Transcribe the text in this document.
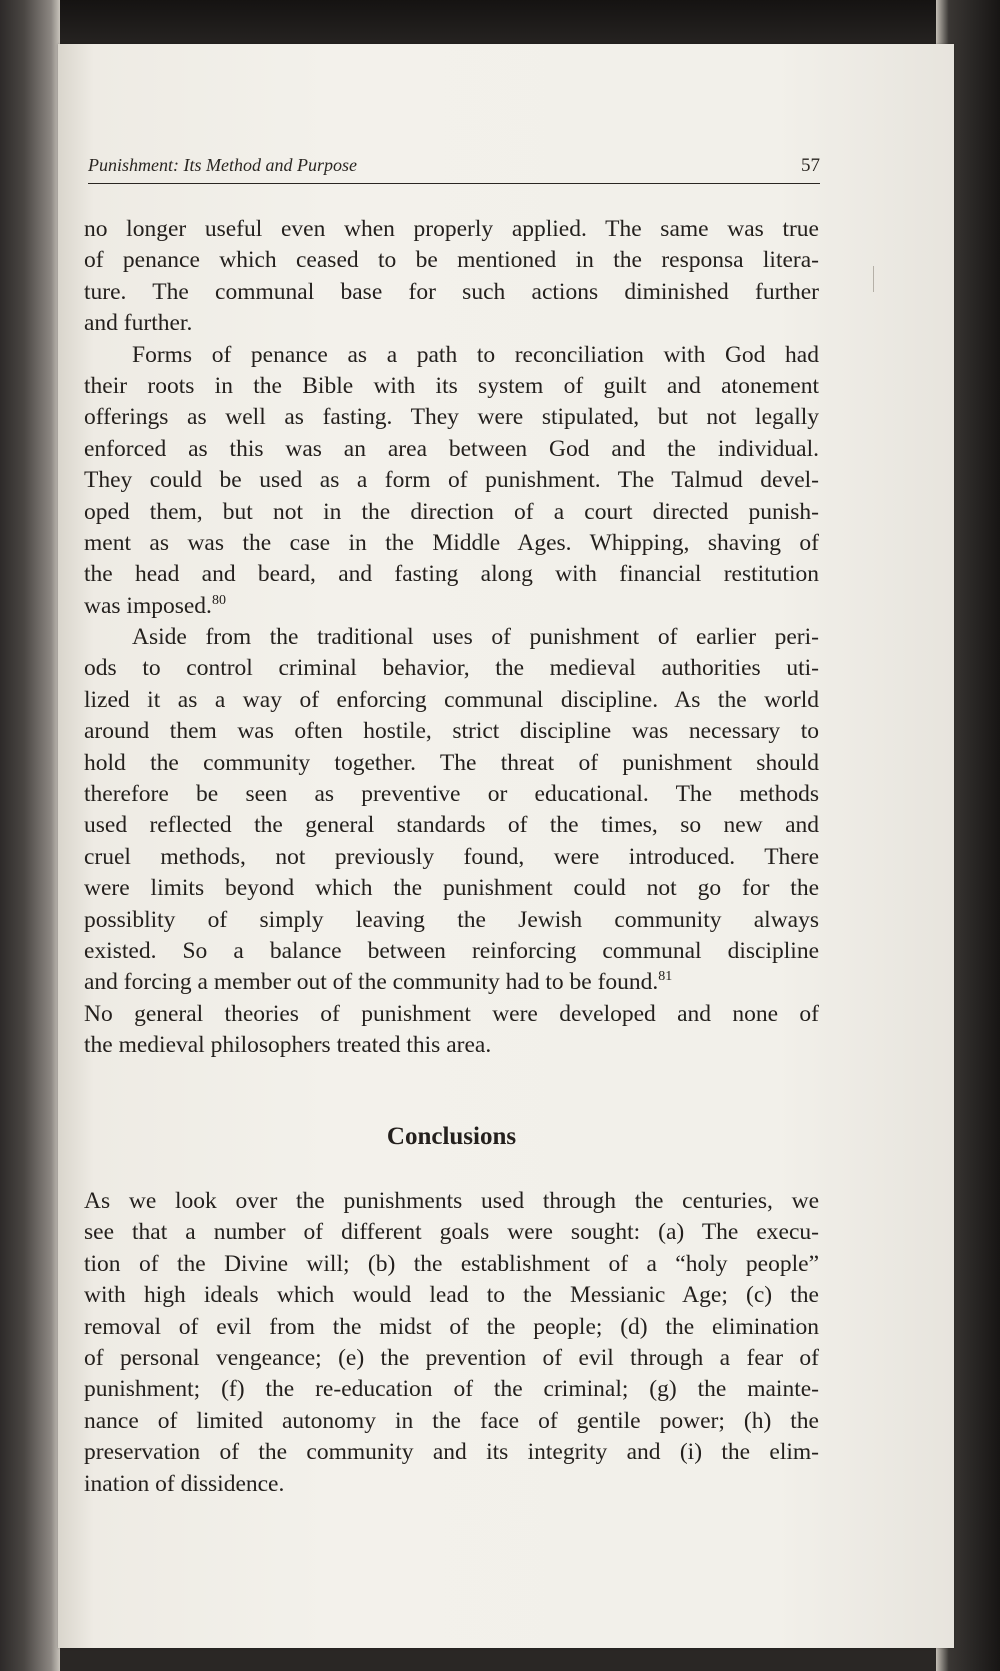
Punishment: Its Method and Purpose	57
no longer useful even when properly applied. The same was true
of penance which ceased to be mentioned in the responsa litera-
ture. The communal base for such actions diminished further
and further.
Forms of penance as a path to reconciliation with God had
their roots in the Bible with its system of guilt and atonement
offerings as well as fasting. They were stipulated, but not legally
enforced as this was an area between God and the individual.
They could be used as a form of punishment. The Talmud devel-
oped them, but not in the direction of a court directed punish-
ment as was the case in the Middle Ages. Whipping, shaving of
the head and beard, and fasting along with financial restitution
was imposed.$^{80}$
Aside from the traditional uses of punishment of earlier peri-
ods to control criminal behavior, the medieval authorities uti-
lized it as a way of enforcing communal discipline. As the world
around them was often hostile, strict discipline was necessary to
hold the community together. The threat of punishment should
therefore be seen as preventive or educational. The methods
used reflected the general standards of the times, so new and
cruel methods, not previously found, were introduced. There
were limits beyond which the punishment could not go for the
possiblity of simply leaving the Jewish community always
existed. So a balance between reinforcing communal discipline
and forcing a member out of the community had to be found.$^{81}$
No general theories of punishment were developed and none of
the medieval philosophers treated this area.
Conclusions
As we look over the punishments used through the centuries, we
see that a number of different goals were sought: (a) The execu-
tion of the Divine will; (b) the establishment of a “holy people”
with high ideals which would lead to the Messianic Age; (c) the
removal of evil from the midst of the people; (d) the elimination
of personal vengeance; (e) the prevention of evil through a fear of
punishment; (f) the re-education of the criminal; (g) the mainte-
nance of limited autonomy in the face of gentile power; (h) the
preservation of the community and its integrity and (i) the elim-
ination of dissidence.
